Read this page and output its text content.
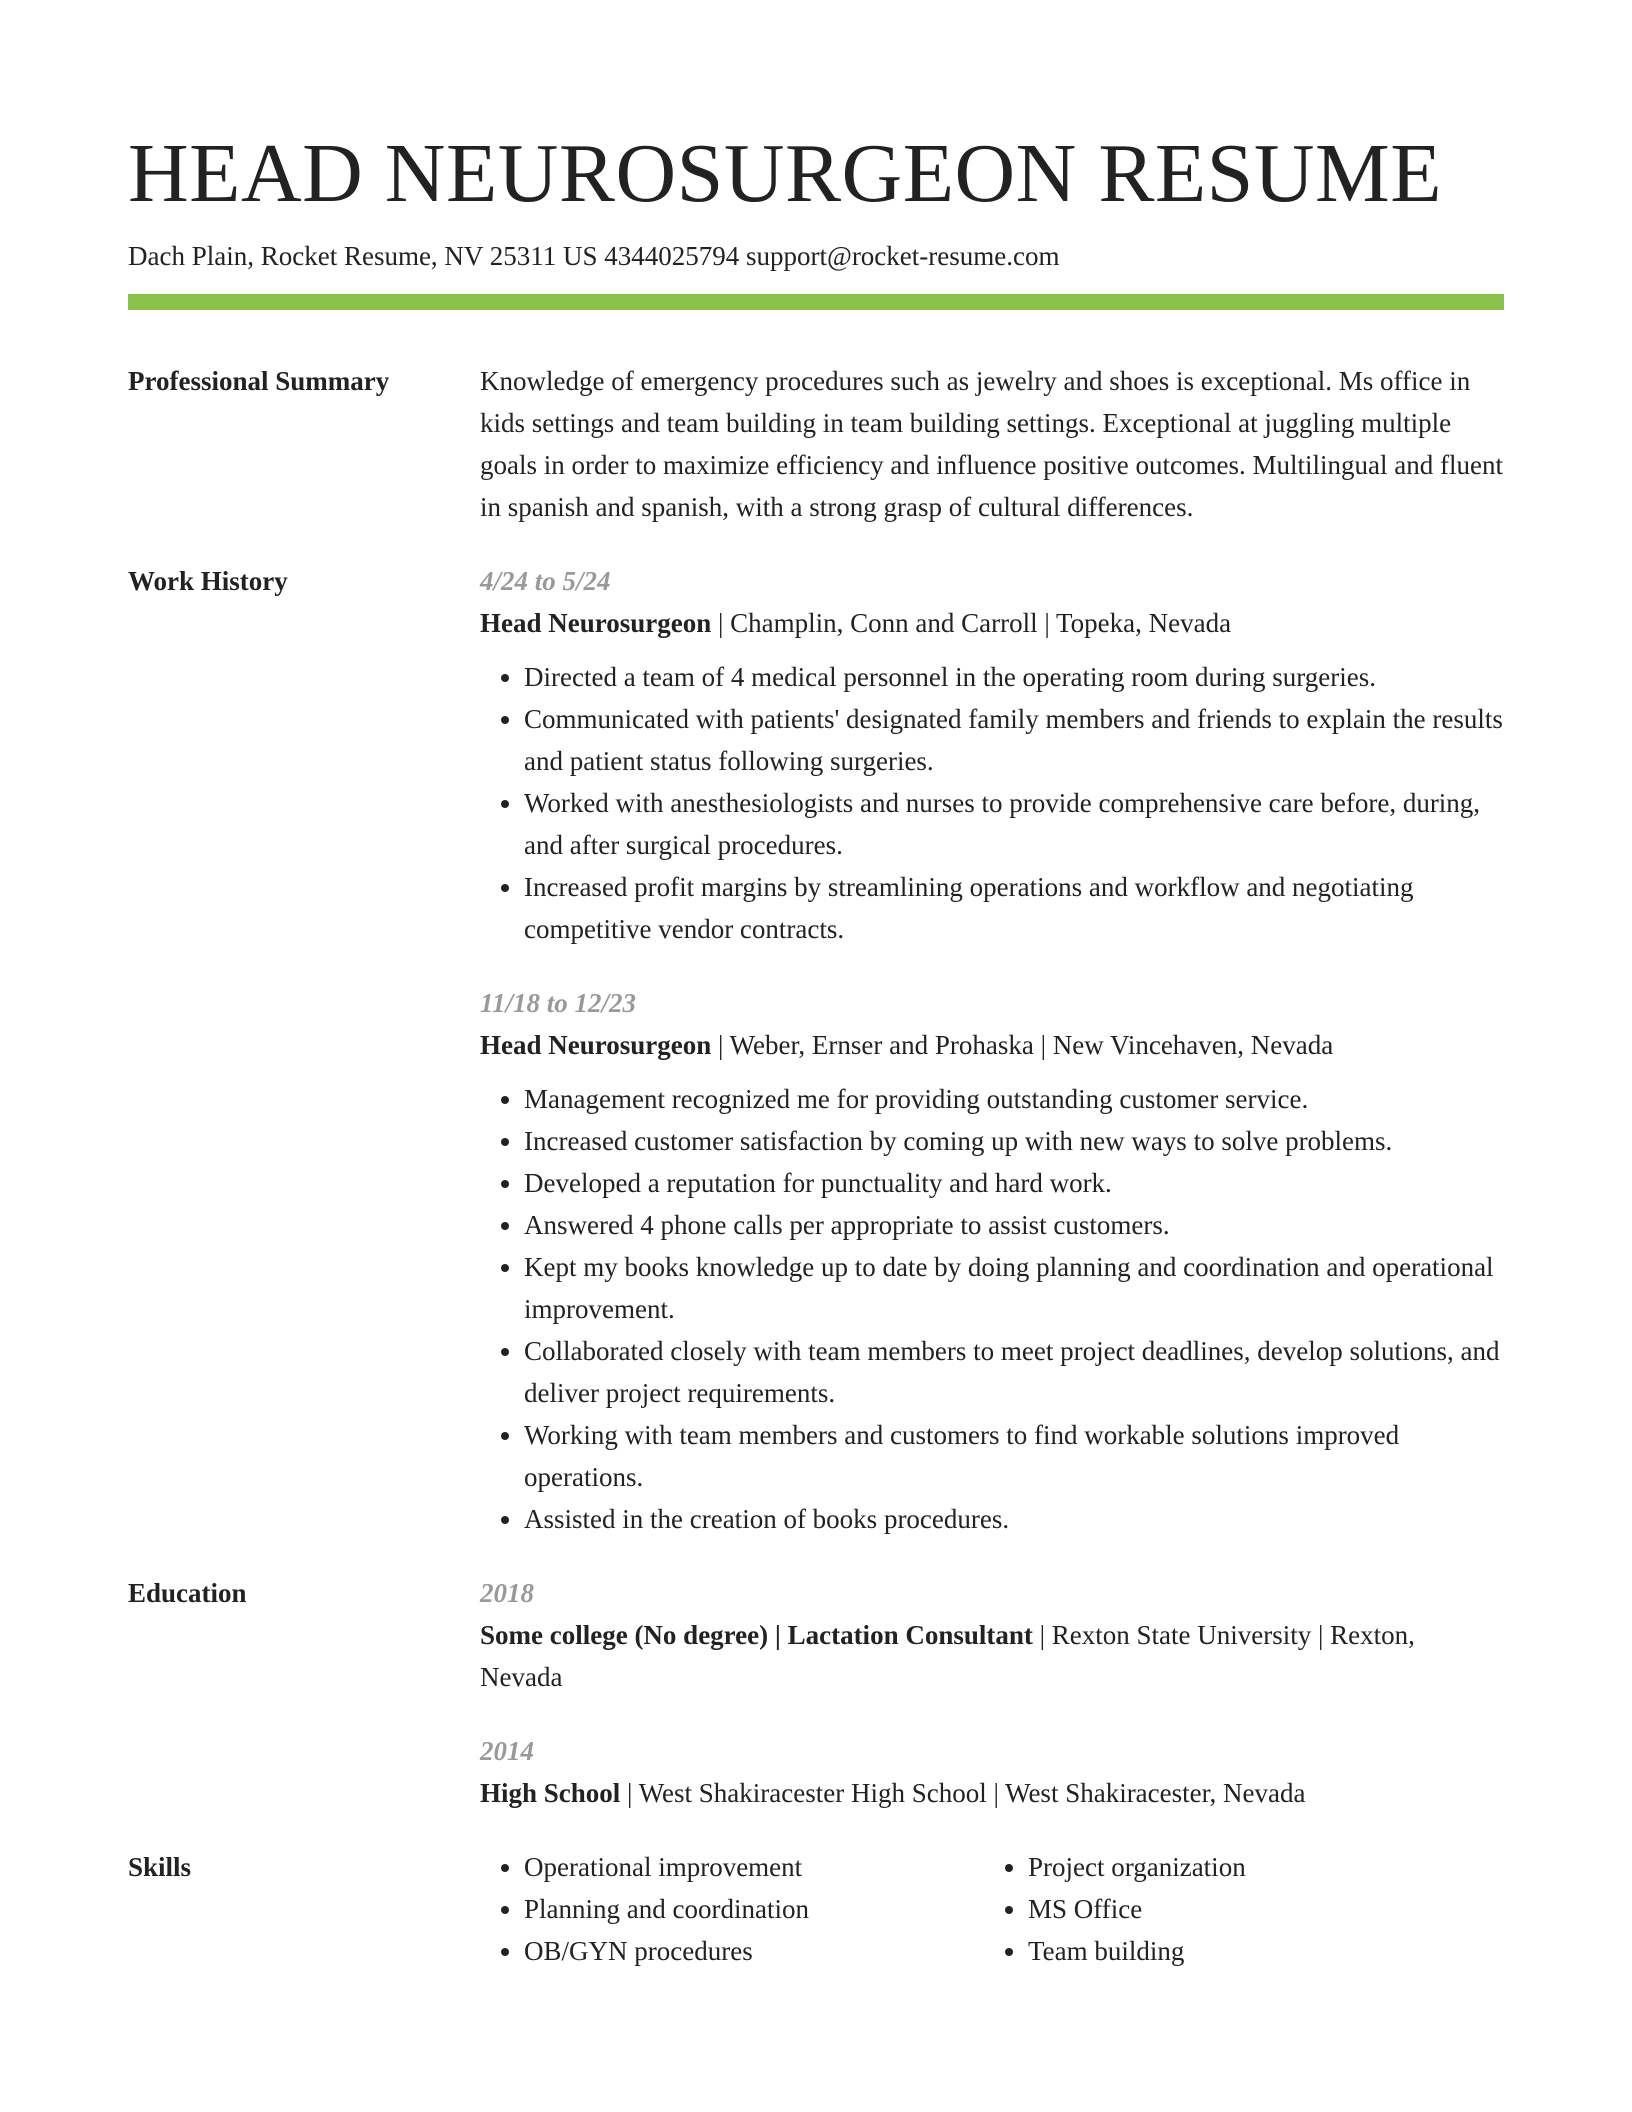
HEAD NEUROSURGEON RESUME
Dach Plain, Rocket Resume, NV 25311 US 4344025794 support@rocket-resume.com
Professional Summary	Knowledge of emergency procedures such as jewelry and shoes is exceptional. Ms office in kids settings and team building in team building settings. Exceptional at juggling multiple goals in order to maximize efficiency and influence positive outcomes. Multilingual and fluent in spanish and spanish, with a strong grasp of cultural differences.
Work History	4/24 to 5/24
Head Neurosurgeon | Champlin, Conn and Carroll | Topeka, Nevada
• Directed a team of 4 medical personnel in the operating room during surgeries.
• Communicated with patients' designated family members and friends to explain the results and patient status following surgeries.
• Worked with anesthesiologists and nurses to provide comprehensive care before, during, and after surgical procedures.
• Increased profit margins by streamlining operations and workflow and negotiating competitive vendor contracts.
11/18 to 12/23
Head Neurosurgeon | Weber, Ernser and Prohaska | New Vincehaven, Nevada
• Management recognized me for providing outstanding customer service.
• Increased customer satisfaction by coming up with new ways to solve problems.
• Developed a reputation for punctuality and hard work.
• Answered 4 phone calls per appropriate to assist customers.
• Kept my books knowledge up to date by doing planning and coordination and operational improvement.
• Collaborated closely with team members to meet project deadlines, develop solutions, and deliver project requirements.
• Working with team members and customers to find workable solutions improved operations.
• Assisted in the creation of books procedures.
Education	2018
Some college (No degree) | Lactation Consultant | Rexton State University | Rexton, Nevada
2014
High School | West Shakiracester High School | West Shakiracester, Nevada
Skills
•	Operational improvement
• Planning and coordination
• OB/GYN procedures
• Project organization
• MS Office
• Team building
